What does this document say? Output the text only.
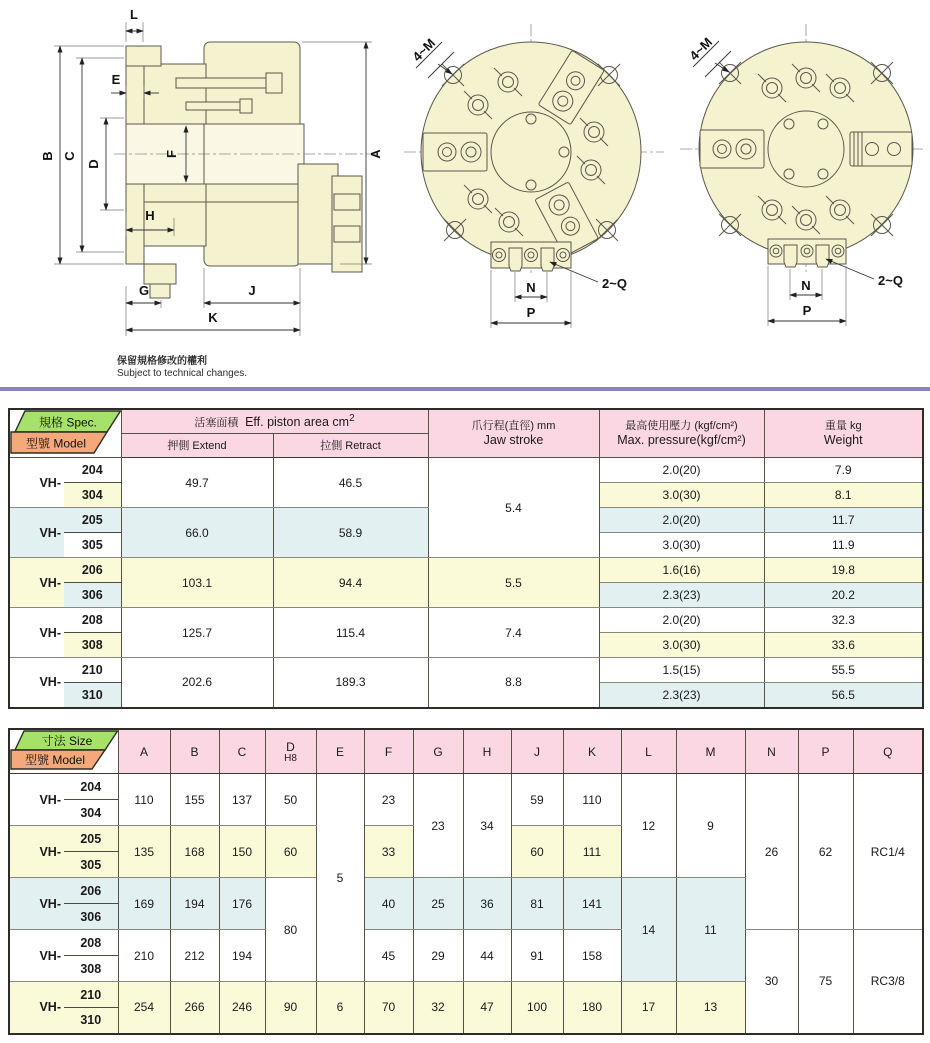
L
E
B C
D
F	A
H
G	J
K
4~M
2~Q
N
P
4~M
2~Q
N
P
保留規格修改的權利
Subject to technical changes.
規格 Spec.
型號 Model
	活塞面積 Eff. piston area $cm^2$	
爪行程(直徑) mm
Jaw stroke

最高使用壓力 (kgf/cm²)
Max. pressure(kgf/cm²)

重量 kg
Weight

		押側 Extend	拉側 Retract			
VH-	204	49.7	46.5	5.4	2.0(20)	7.9
	304				3.0(30)	8.1
VH-	205	66.0	58.9		2.0(20)	11.7
	305				3.0(30)	11.9
VH-	206	103.1	94.4	5.5	1.6(16)	19.8
	306				2.3(23)	20.2
VH-	208	125.7	115.4	7.4	2.0(20)	32.3
	308				3.0(30)	33.6
VH-	210	202.6	189.3	8.8	1.5(15)	55.5
	310				2.3(23)	56.5
寸法 Size
型號 Model
	A	B	C	D
H8	E	F	G	H	J	K	L	M	N	P	Q
VH-	204	110	155	137	50	5	23	23	34	59	110	12	9	26	62	RC1/4
	304															
VH-	205	135	168	150	60		33			60	111					
	305															
VH-	206	169	194	176	80		40	25	36	81	141	14	11			
	306															
VH-	208	210	212	194			45	29	44	91	158			30	75	RC3/8
	308															
VH-	210	254	266	246	90	6	70	32	47	100	180	17	13			
	310															
